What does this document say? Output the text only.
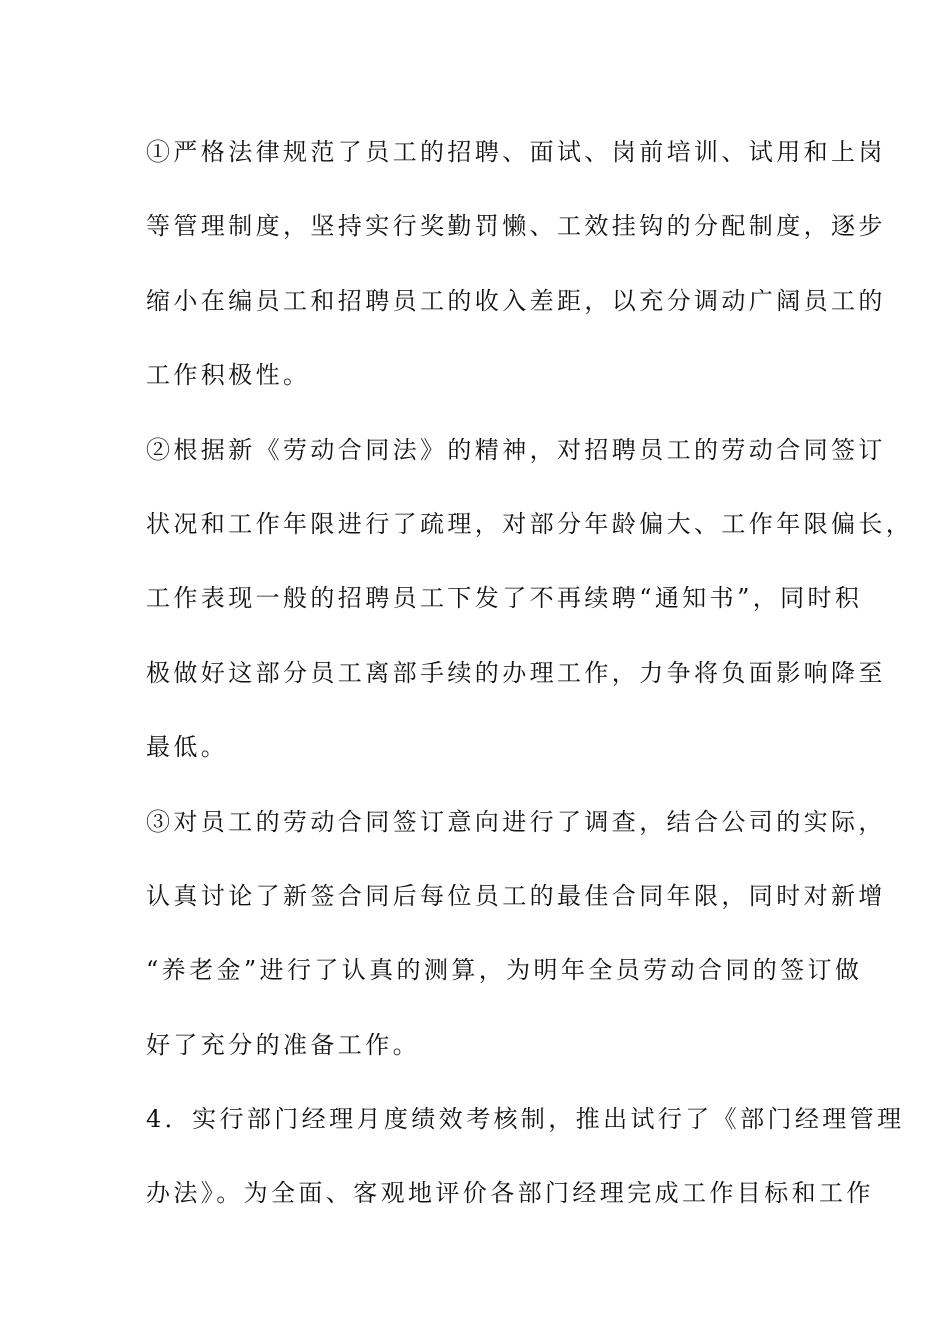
①严格法律规范了员工的招聘、面试、岗前培训、试用和上岗
等管理制度，坚持实行奖勤罚懒、工效挂钩的分配制度，逐步
缩小在编员工和招聘员工的收入差距，以充分调动广阔员工的
工作积极性。
②根据新《劳动合同法》的精神，对招聘员工的劳动合同签订
状况和工作年限进行了疏理，对部分年龄偏大、工作年限偏长，
工作表现一般的招聘员工下发了不再续聘“通知书”，同时积
极做好这部分员工离部手续的办理工作，力争将负面影响降至
最低。
③对员工的劳动合同签订意向进行了调查，结合公司的实际，
认真讨论了新签合同后每位员工的最佳合同年限，同时对新增
“养老金”进行了认真的测算，为明年全员劳动合同的签订做
好了充分的准备工作。
4．实行部门经理月度绩效考核制，推出试行了《部门经理管理
办法》。为全面、客观地评价各部门经理完成工作目标和工作
